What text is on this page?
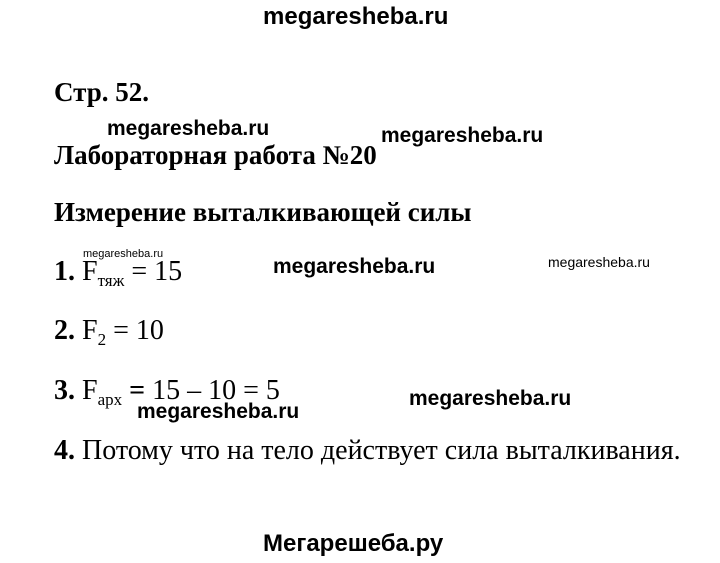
megaresheba.ru
Стр. 52.
megaresheba.ru	megaresheba.ru
Лабораторная работа №20
Измерение выталкивающей силы
megaresheba.ru
1. $F_{тяж} = 15$	megaresheba.ru	megaresheba.ru
2. $F_2 = 10$
3. $F_{арх} = 15 - 10 = 5$
megaresheba.ru
megaresheba.ru
4. Потому что на тело действует сила выталкивания.
Мегарешеба.ру
